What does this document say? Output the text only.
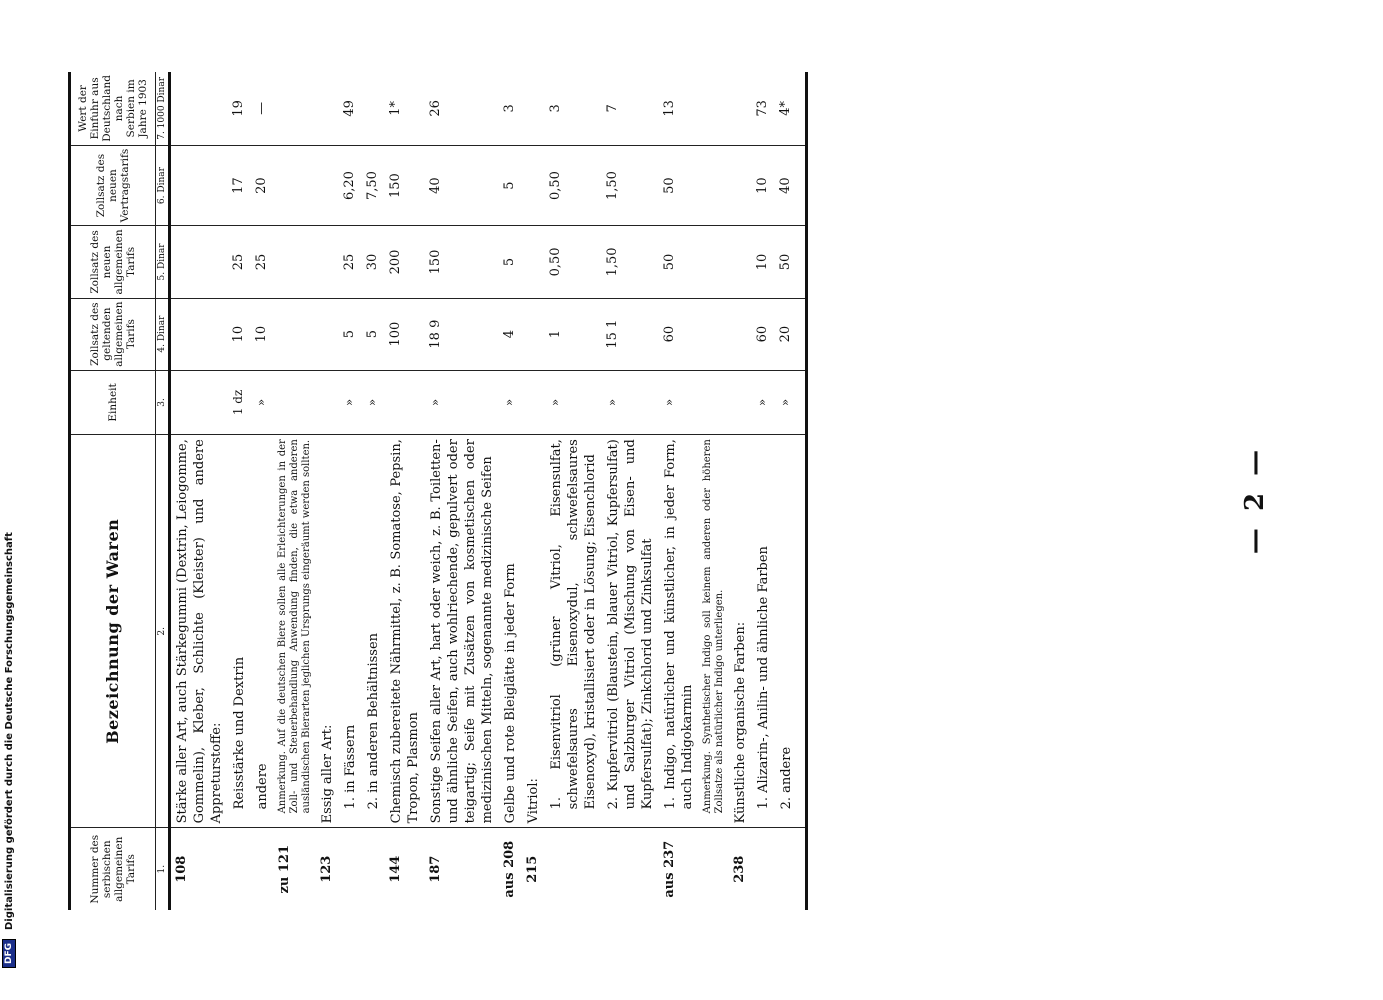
DFG
Digitalisierung gefördert durch die Deutsche Forschungsgemeinschaft	Nummer des serbischen allgemeinen Tarifs	Bezeichnung der Waren	Einheit	Zollsatz des geltenden allgemeinen Tarifs	Zollsatz des neuen allgemeinen Tarifs	Zollsatz des neuen Vertragstarifs	Wert der Einfuhr aus Deutschland nach Serbien im Jahre 1903
1.	2.	3.	4. Dinar	5. Dinar	6. Dinar	7. 1000 Dinar
108	Stärke aller Art, auch Stärkegummi (Dextrin, Leiogomme, Gommelin), Kleber, Schlichte (Kleister) und andere Appreturstoffe:					

	Reisstärke und Dextrin	1 dz	10	25	17	19

	andere	»	10	25	20	—
zu 121	Anmerkung. Auf die deutschen Biere sollen alle Erleichterungen in der Zoll- und Steuerbehandlung Anwendung finden, die etwa anderen ausländischen Bierarten jeglichen Ursprungs eingeräumt werden sollten.					

123	Essig aller Art:					

	1. in Fässern	»	5	25	6,20	49

	2. in anderen Behältnissen	»	5	30	7,50	
144	Chemisch zubereitete Nährmittel, z. B. Somatose, Pepsin, Tropon, Plasmon		100	200	150	1*
187	Sonstige Seifen aller Art, hart oder weich, z. B. Toiletten- und ähnliche Seifen, auch wohlriechende, gepulvert oder teigartig; Seife mit Zusätzen von kosmetischen oder medizinischen Mitteln, sogenannte medizinische Seifen	»	18 9	150	40	26
aus 208	Gelbe und rote Bleiglätte in jeder Form	»	4	5	5	3
215	Vitriol:					

	1. Eisenvitriol (grüner Vitriol, Eisensulfat, schwefelsaures Eisenoxydul, schwefelsaures Eisenoxyd), kristallisiert oder in Lösung; Eisenchlorid	»	1	0,50	0,50	3

	2. Kupfervitriol (Blaustein, blauer Vitriol, Kupfersulfat) und Salzburger Vitriol (Mischung von Eisen- und Kupfersulfat); Zinkchlorid und Zinksulfat	»	15 1	1,50	1,50	7
aus 237	1. Indigo, natürlicher und künstlicher, in jeder Form, auch Indigokarmin	»	60	50	50	13

	Anmerkung. Synthetischer Indigo soll keinem anderen oder höheren Zollsatze als natürlicher Indigo unterliegen.					

238	Künstliche organische Farben:					

	1. Alizarin-, Anilin- und ähnliche Farben	»	60	10	10	73

	2. andere	»	20	50	40	4*
— 2 —
